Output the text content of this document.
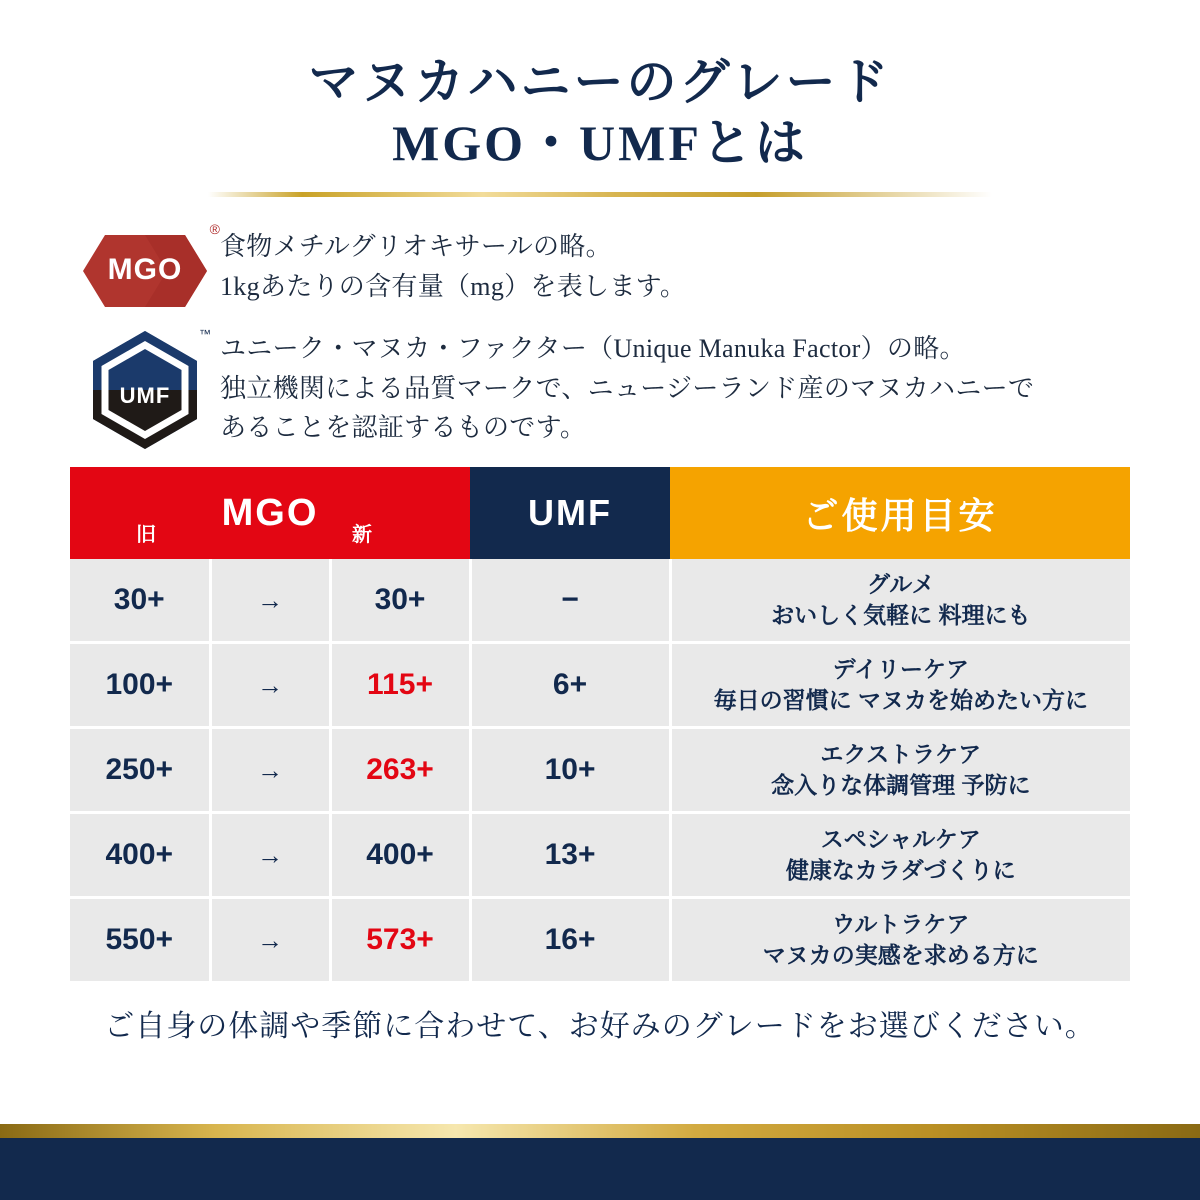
マヌカハニーのグレード
MGO・UMFとは
MGO
®
食物メチルグリオキサールの略。
1kgあたりの含有量（mg）を表します。
UMF
™ ユニーク・マヌカ・ファクター（Unique Manuka Factor）の略。
独立機関による品質マークで、ニュージーランド産のマヌカハニーで
あることを認証するものです。
MGO
旧 新			UMF	ご使用目安
30+	→	30+	−	グルメ
おいしく気軽に 料理にも

100+	→	115+	6+	デイリーケア
毎日の習慣に マヌカを始めたい方に

250+	→	263+	10+	エクストラケア
念入りな体調管理 予防に

400+	→	400+	13+	スペシャルケア
健康なカラダづくりに

550+	→	573+	16+	ウルトラケア
マヌカの実感を求める方に
ご自身の体調や季節に合わせて、お好みのグレードをお選びください。
